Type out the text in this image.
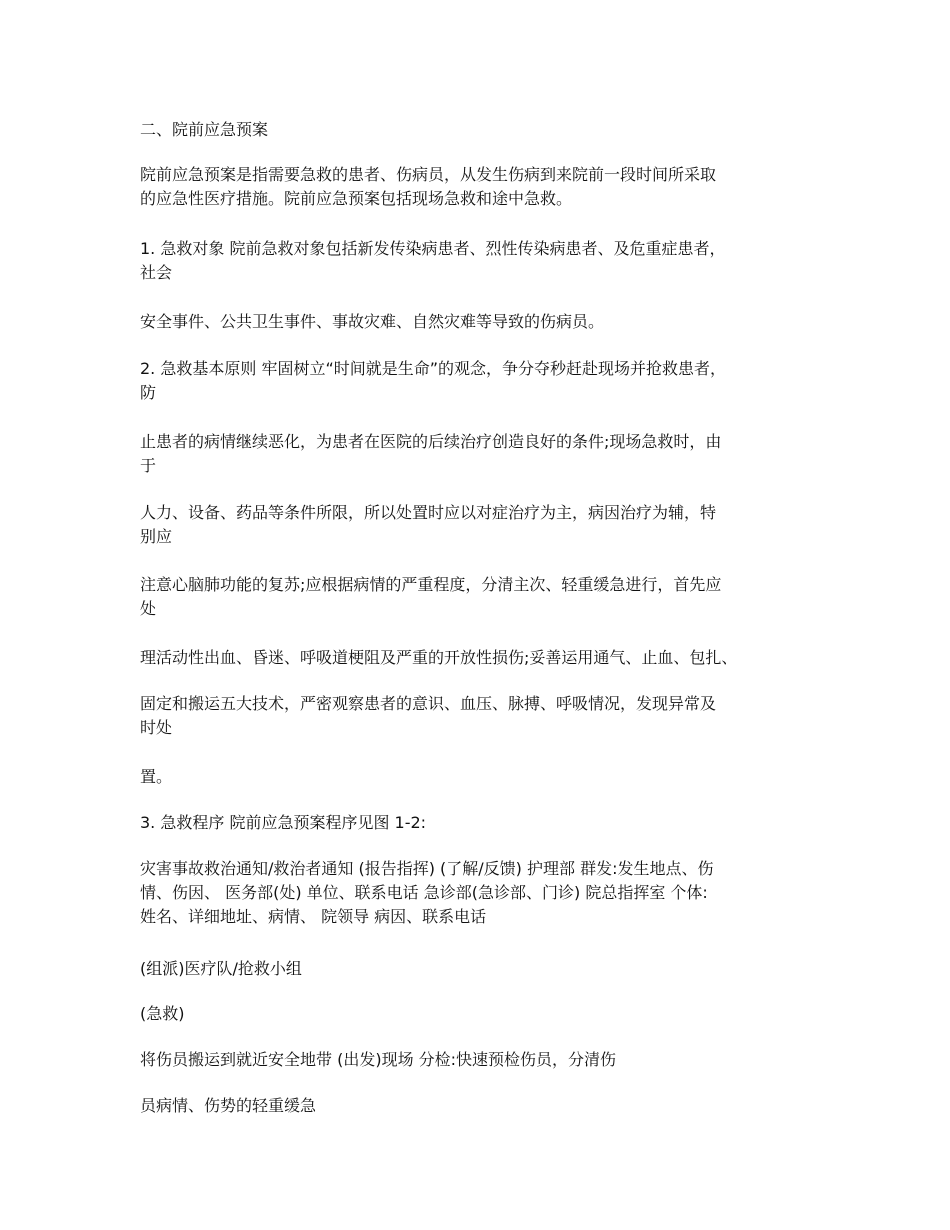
二、院前应急预案

院前应急预案是指需要急救的患者、伤病员，从发生伤病到来院前一段时间所采取
的应急性医疗措施。院前应急预案包括现场急救和途中急救。

1. 急救对象 院前急救对象包括新发传染病患者、烈性传染病患者、及危重症患者，
社会

安全事件、公共卫生事件、事故灾难、自然灾难等导致的伤病员。

2. 急救基本原则 牢固树立“时间就是生命”的观念，争分夺秒赶赴现场并抢救患者，
防

止患者的病情继续恶化，为患者在医院的后续治疗创造良好的条件;现场急救时，由
于

人力、设备、药品等条件所限，所以处置时应以对症治疗为主，病因治疗为辅，特
别应

注意心脑肺功能的复苏;应根据病情的严重程度，分清主次、轻重缓急进行，首先应
处

理活动性出血、昏迷、呼吸道梗阻及严重的开放性损伤;妥善运用通气、止血、包扎、

固定和搬运五大技术，严密观察患者的意识、血压、脉搏、呼吸情况，发现异常及
时处

置。

3. 急救程序 院前应急预案程序见图 1-2:

灾害事故救治通知/救治者通知 (报告指挥) (了解/反馈) 护理部 群发:发生地点、伤
情、伤因、 医务部(处) 单位、联系电话 急诊部(急诊部、门诊) 院总指挥室 个体:
姓名、详细地址、病情、 院领导 病因、联系电话

(组派)医疗队/抢救小组

(急救)

将伤员搬运到就近安全地带 (出发)现场 分检:快速预检伤员，分清伤

员病情、伤势的轻重缓急
